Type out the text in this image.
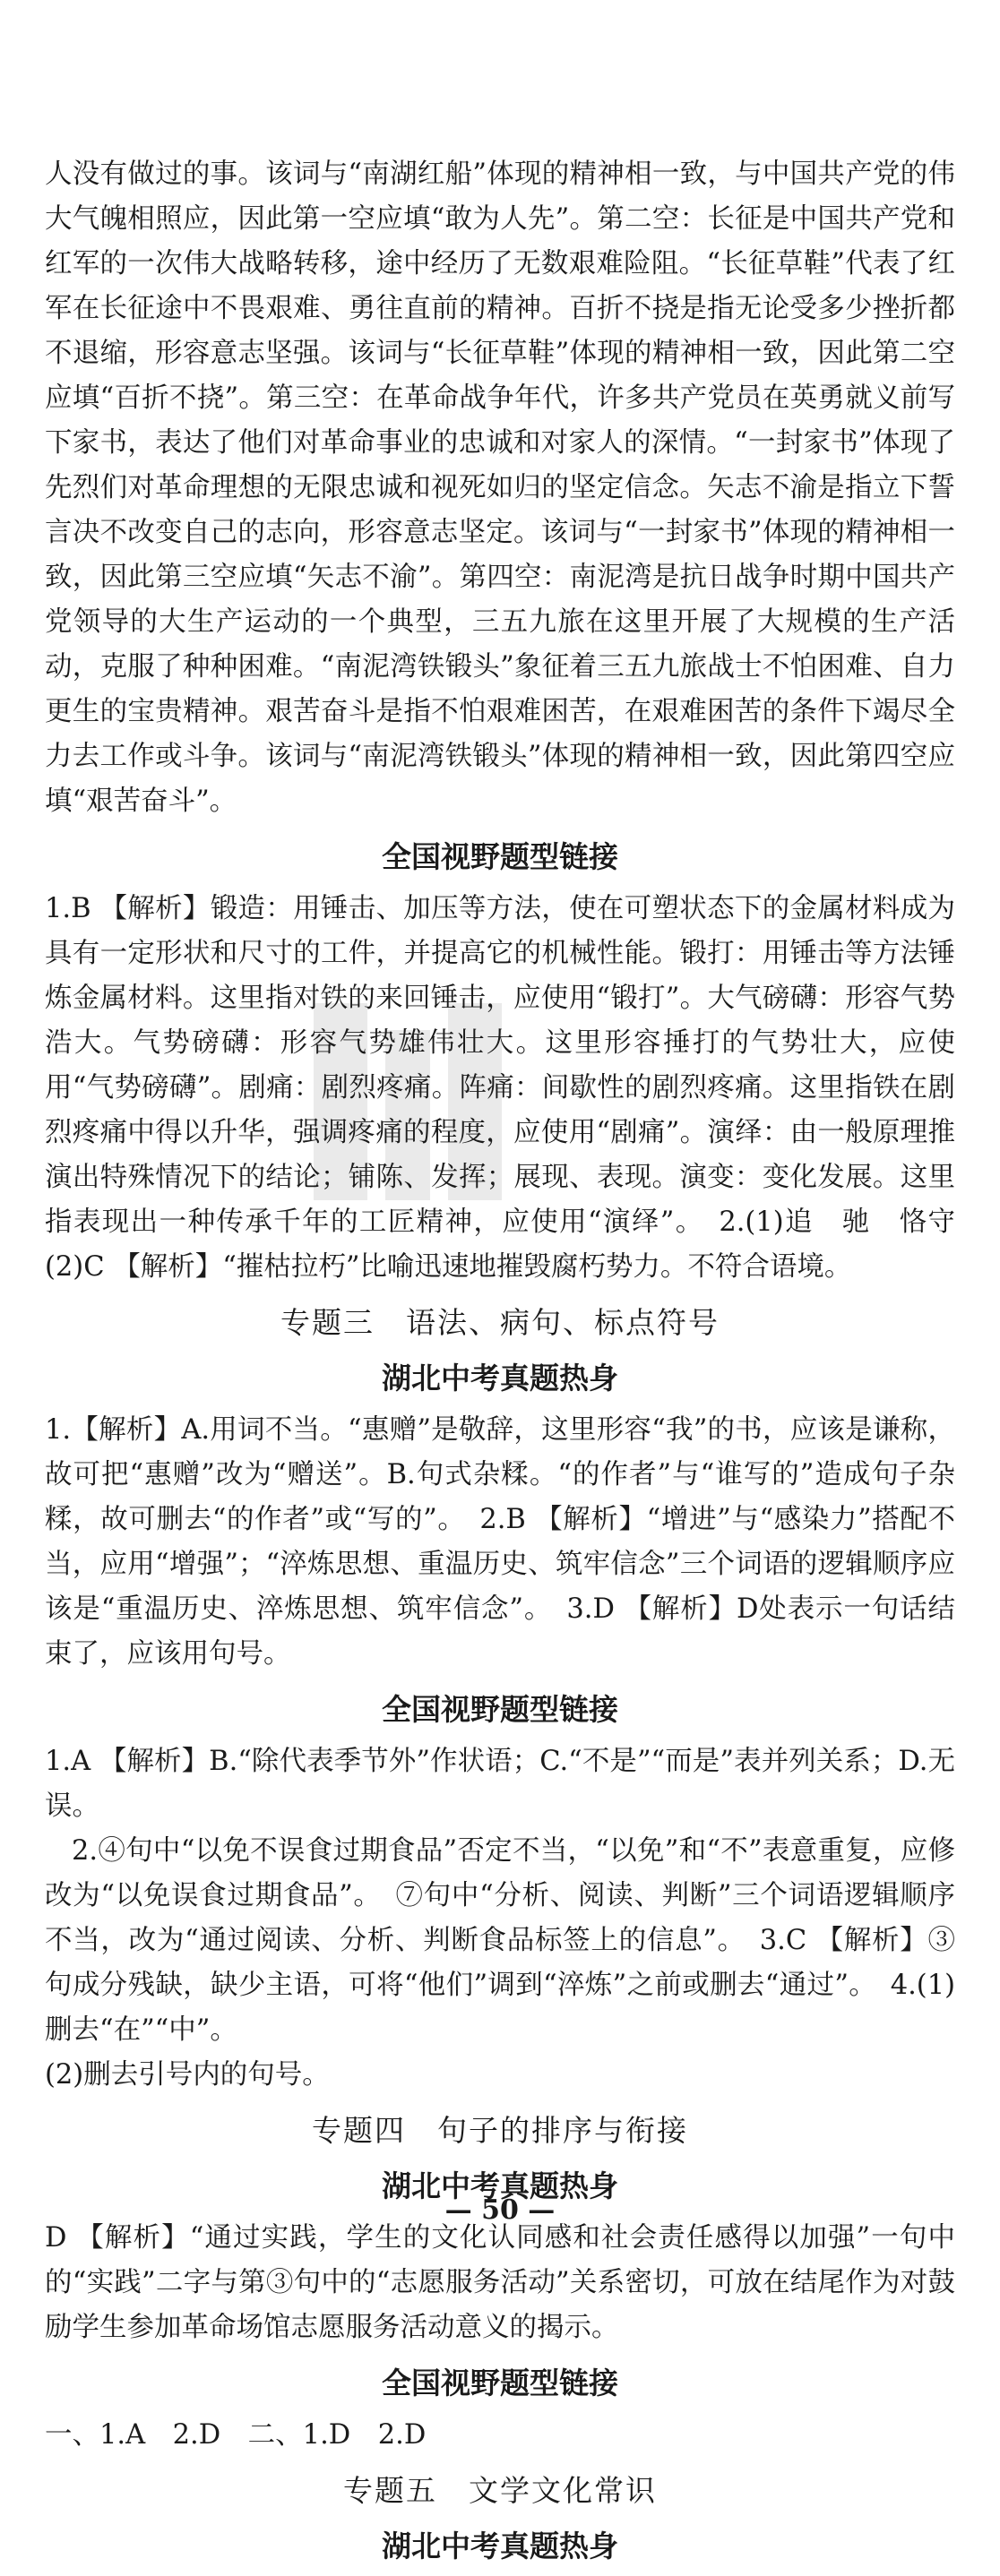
人没有做过的事。该词与“南湖红船”体现的精神相一致，与中国共产党的伟大气魄相照应，因此第一空应填“敢为人先”。第二空：长征是中国共产党和红军的一次伟大战略转移，途中经历了无数艰难险阻。“长征草鞋”代表了红军在长征途中不畏艰难、勇往直前的精神。百折不挠是指无论受多少挫折都不退缩，形容意志坚强。该词与“长征草鞋”体现的精神相一致，因此第二空应填“百折不挠”。第三空：在革命战争年代，许多共产党员在英勇就义前写下家书，表达了他们对革命事业的忠诚和对家人的深情。“一封家书”体现了先烈们对革命理想的无限忠诚和视死如归的坚定信念。矢志不渝是指立下誓言决不改变自己的志向，形容意志坚定。该词与“一封家书”体现的精神相一致，因此第三空应填“矢志不渝”。第四空：南泥湾是抗日战争时期中国共产党领导的大生产运动的一个典型，三五九旅在这里开展了大规模的生产活动，克服了种种困难。“南泥湾铁锻头”象征着三五九旅战士不怕困难、自力更生的宝贵精神。艰苦奋斗是指不怕艰难困苦，在艰难困苦的条件下竭尽全力去工作或斗争。该词与“南泥湾铁锻头”体现的精神相一致，因此第四空应填“艰苦奋斗”。

全国视野题型链接

1.B 【解析】锻造：用锤击、加压等方法，使在可塑状态下的金属材料成为具有一定形状和尺寸的工件，并提高它的机械性能。锻打：用锤击等方法锤炼金属材料。这里指对铁的来回锤击，应使用“锻打”。大气磅礴：形容气势浩大。气势磅礴：形容气势雄伟壮大。这里形容捶打的气势壮大，应使用“气势磅礴”。剧痛：剧烈疼痛。阵痛：间歇性的剧烈疼痛。这里指铁在剧烈疼痛中得以升华，强调疼痛的程度，应使用“剧痛”。演绎：由一般原理推演出特殊情况下的结论；铺陈、发挥；展现、表现。演变：变化发展。这里指表现出一种传承千年的工匠精神，应使用“演绎”。　2.(1)追　驰　恪守　(2)C 【解析】“摧枯拉朽”比喻迅速地摧毁腐朽势力。不符合语境。

专题三　语法、病句、标点符号
湖北中考真题热身

1.【解析】A.用词不当。“惠赠”是敬辞，这里形容“我”的书，应该是谦称，故可把“惠赠”改为“赠送”。B.句式杂糅。“的作者”与“谁写的”造成句子杂糅，故可删去“的作者”或“写的”。　2.B 【解析】“增进”与“感染力”搭配不当，应用“增强”；“淬炼思想、重温历史、筑牢信念”三个词语的逻辑顺序应该是“重温历史、淬炼思想、筑牢信念”。　3.D 【解析】D处表示一句话结束了，应该用句号。

全国视野题型链接

1.A 【解析】B.“除代表季节外”作状语；C.“不是”“而是”表并列关系；D.无误。

2.④句中“以免不误食过期食品”否定不当，“以免”和“不”表意重复，应修改为“以免误食过期食品”。　⑦句中“分析、阅读、判断”三个词语逻辑顺序不当，改为“通过阅读、分析、判断食品标签上的信息”。　3.C 【解析】③句成分残缺，缺少主语，可将“他们”调到“淬炼”之前或删去“通过”。　4.(1)删去“在”“中”。

(2)删去引号内的句号。

专题四　句子的排序与衔接
湖北中考真题热身

D 【解析】“通过实践，学生的文化认同感和社会责任感得以加强”一句中的“实践”二字与第③句中的“志愿服务活动”关系密切，可放在结尾作为对鼓励学生参加革命场馆志愿服务活动意义的揭示。

全国视野题型链接

一、1.A　2.D　二、1.D　2.D

专题五　文学文化常识
湖北中考真题热身
— 50 —
